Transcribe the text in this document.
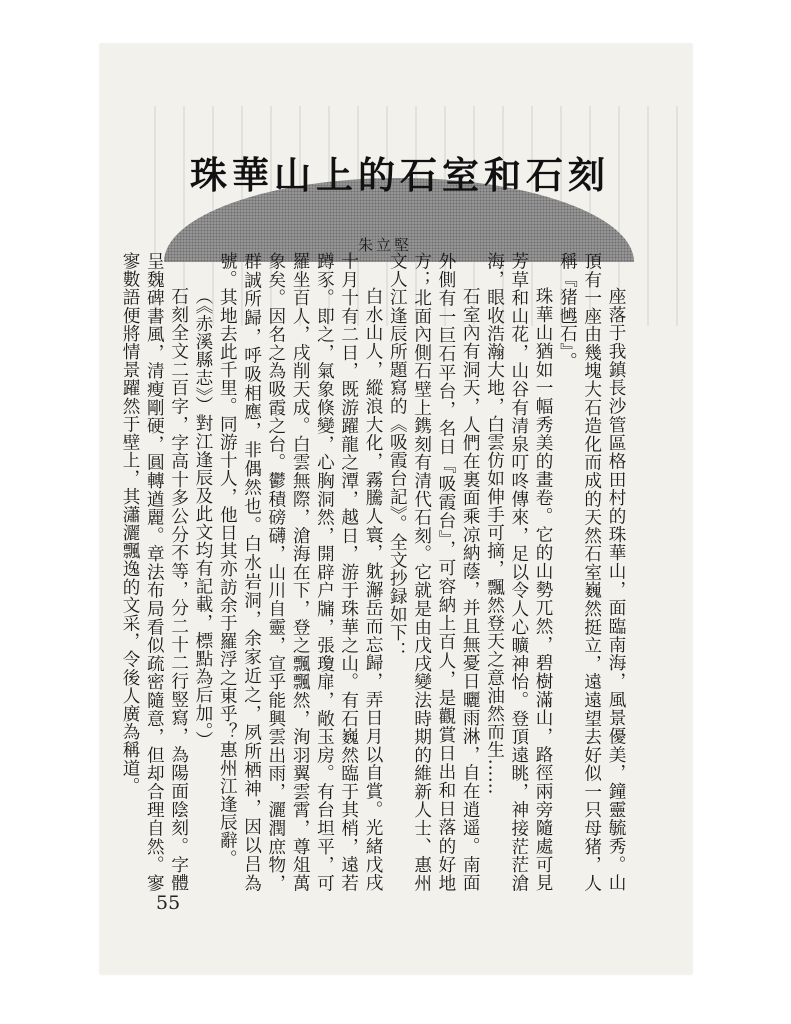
珠華山上的石室和石刻
朱立堅

座落于我鎮長沙管區格田村的珠華山，面臨南海，風景優美，鐘靈毓秀。山頂有一座由幾塊大石造化而成的天然石室巍然挺立，遠遠望去好似一只母猪，人稱『猪乸石』。

珠華山猶如一幅秀美的畫卷。它的山勢兀然，碧樹滿山，路徑兩旁隨處可見芳草和山花，山谷有清泉叮咚傳來，足以令人心曠神怡。登頂遠眺，神接茫茫滄海，眼收浩瀚大地，白雲仿如伸手可摘，飄然登天之意油然而生……

石室內有洞天，人們在裏面乘凉納蔭，并且無憂日曬雨淋，自在逍遥。南面外側有一巨石平台，名日『吸霞台』，可容納上百人，是觀賞日出和日落的好地方；北面內側石壁上鎸刻有清代石刻。它就是由戊戌變法時期的維新人士、惠州文人江逢辰所題寫的《吸霞台記》。全文抄録如下：

白水山人，縱浪大化，霧騰人寰，躭澥岳而忘歸，弄日月以自賞。光緒戊戌十月十有二日，既游躍龍之潭，越日，游于珠華之山。有石巍然臨于其梢，遠若蹲豕。即之，氣象倏變，心胸洞然，開辟户牖，張瓊扉，敞玉房。有台坦平，可羅坐百人，戌削天成。白雲無際，滄海在下，登之飄飄然，洵羽翼雲霄，尊俎萬象矣。因名之為吸霞之台。鬱積磅礴，山川自靈，宣乎能興雲出雨，灑潤庶物，群誠所歸，呼吸相應，非偶然也。白水岩洞，余家近之，夙所栖神，因以吕為號。其地去此千里。同游十人，他日其亦訪余于羅浮之東乎？惠州江逢辰辭。

（《赤溪縣志》）對江逢辰及此文均有記載，標點為后加。）

石刻全文二百字，字高十多公分不等，分二十二行竪寫，為陽面陰刻。字體呈魏碑書風，清瘦剛硬，圓轉遒麗。章法布局看似疏密隨意，但却合理自然。寥寥數語便將情景躍然于壁上，其瀟灑飄逸的文采，令後人廣為稱道。

55
